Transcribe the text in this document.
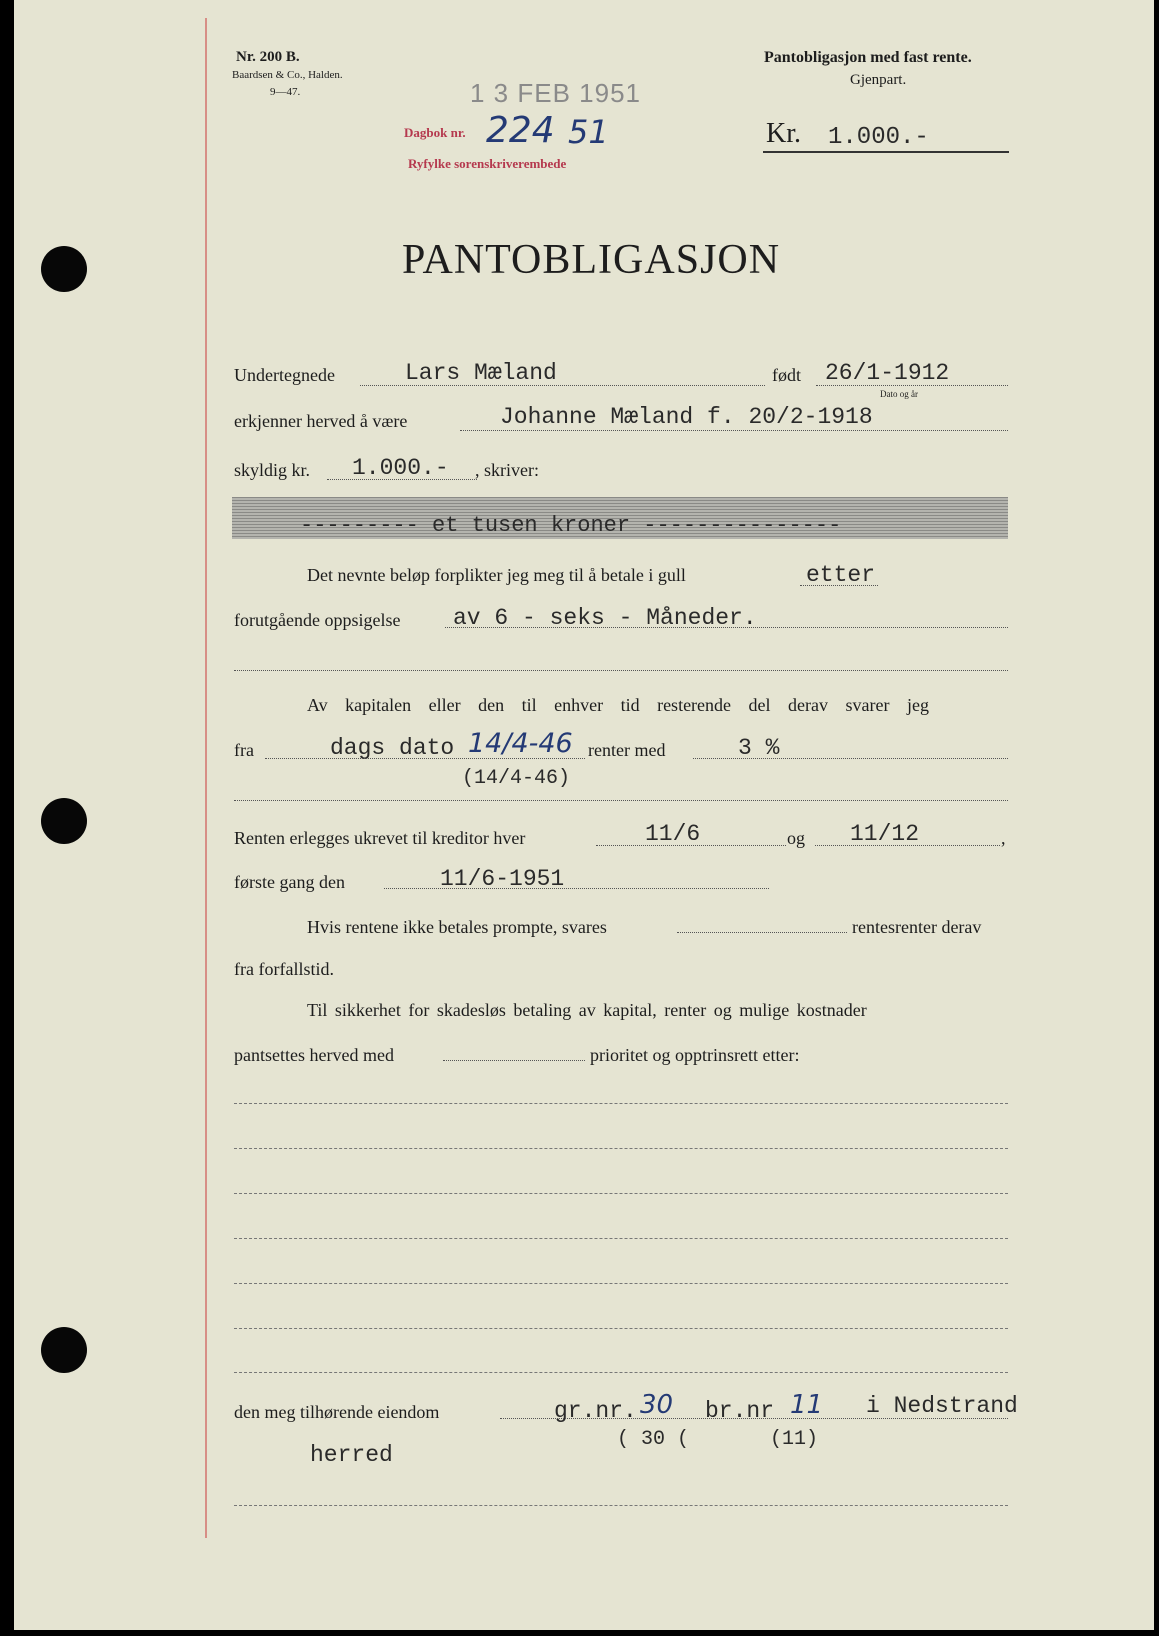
Nr. 200 B.
Baardsen & Co., Halden.
9—47.
Pantobligasjon med fast rente.
Gjenpart.
1 3 FEB 1951
Dagbok nr. 224 51
Ryfylke sorenskriverembede
Kr. 1.000.-
PANTOBLIGASJON
Undertegnede	Lars Mæland	født 26/1-1912
Dato og år
erkjenner herved å være	Johanne Mæland f. 20/2-1918
skyldig kr. 1.000.- , skriver:
--------- et tusen kroner ---------------
Det nevnte beløp forplikter jeg meg til å betale i gull	etter
forutgående oppsigelse av 6 - seks - Måneder.
Av kapitalen eller den til enhver tid resterende del derav svarer jeg
fra	dags dato 14/4-46
(14/4-46)
renter med	3 %
Renten erlegges ukrevet til kreditor hver	11/6	og 11/12	,
første gang den	11/6-1951
Hvis rentene ikke betales prompte, svares	rentesrenter derav
fra forfallstid.
Til sikkerhet for skadesløs betaling av kapital, renter og mulige kostnader
pantsettes herved med	prioritet og opptrinsrett etter:
den meg tilhørende eiendom	gr.nr. 30 br.nr 11 i Nedstrand
( 30 (	(11)
herred
